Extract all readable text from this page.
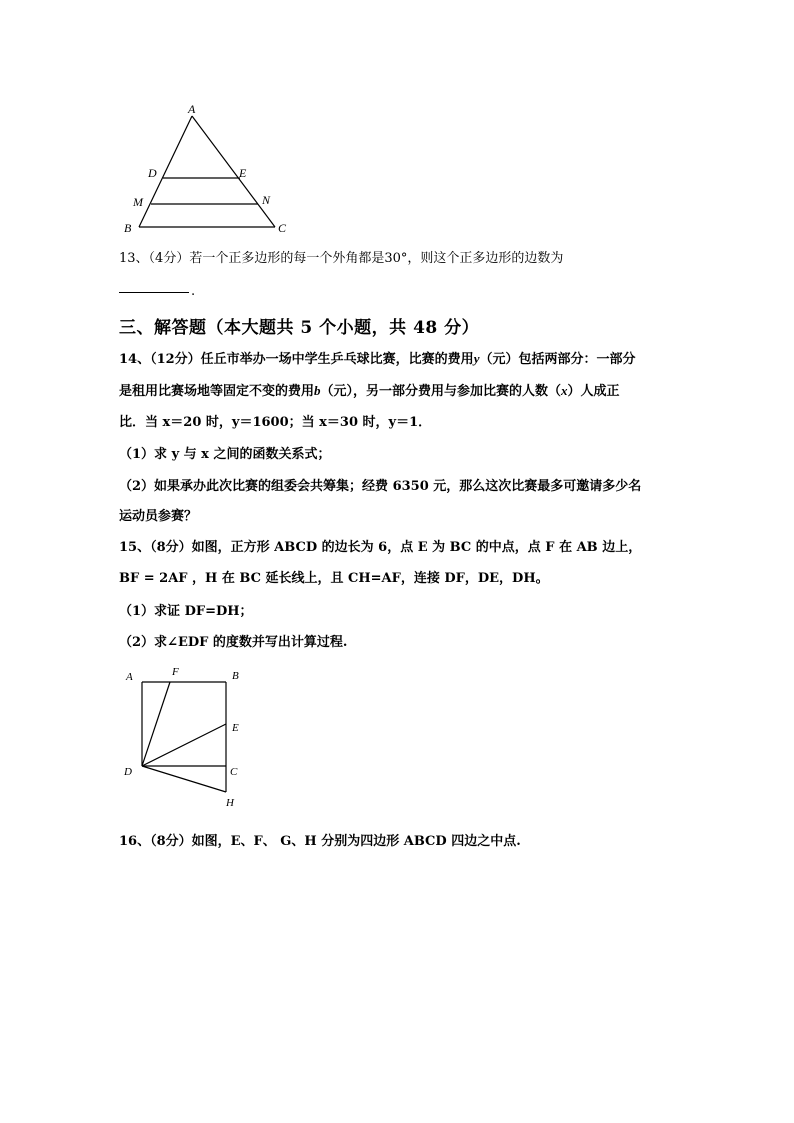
A
D	E
M	N
B	C
13、（4分）若一个正多边形的每一个外角都是30°，则这个正多边形的边数为
.
三、解答题（本大题共 5 个小题，共 48 分）
14、（12分）任丘市举办一场中学生乒乓球比赛，比赛的费用y（元）包括两部分：一部分
是租用比赛场地等固定不变的费用b（元），另一部分费用与参加比赛的人数（x）人成正
比．当 x＝20 时，y＝1600；当 x＝30 时，y＝1．
（1）求 y 与 x 之间的函数关系式；
（2）如果承办此次比赛的组委会共筹集；经费 6350 元，那么这次比赛最多可邀请多少名
运动员参赛？
15、（8分）如图，正方形 ABCD 的边长为 6，点 E 为 BC 的中点，点 F 在 AB 边上，
BF = 2AF ，H 在 BC 延长线上，且 CH=AF，连接 DF，DE，DH。
（1）求证 DF=DH；
（2）求∠EDF 的度数并写出计算过程.
A	F	B
E
D	C
H
16、（8分）如图，E、F、 G、H 分别为四边形 ABCD 四边之中点.
